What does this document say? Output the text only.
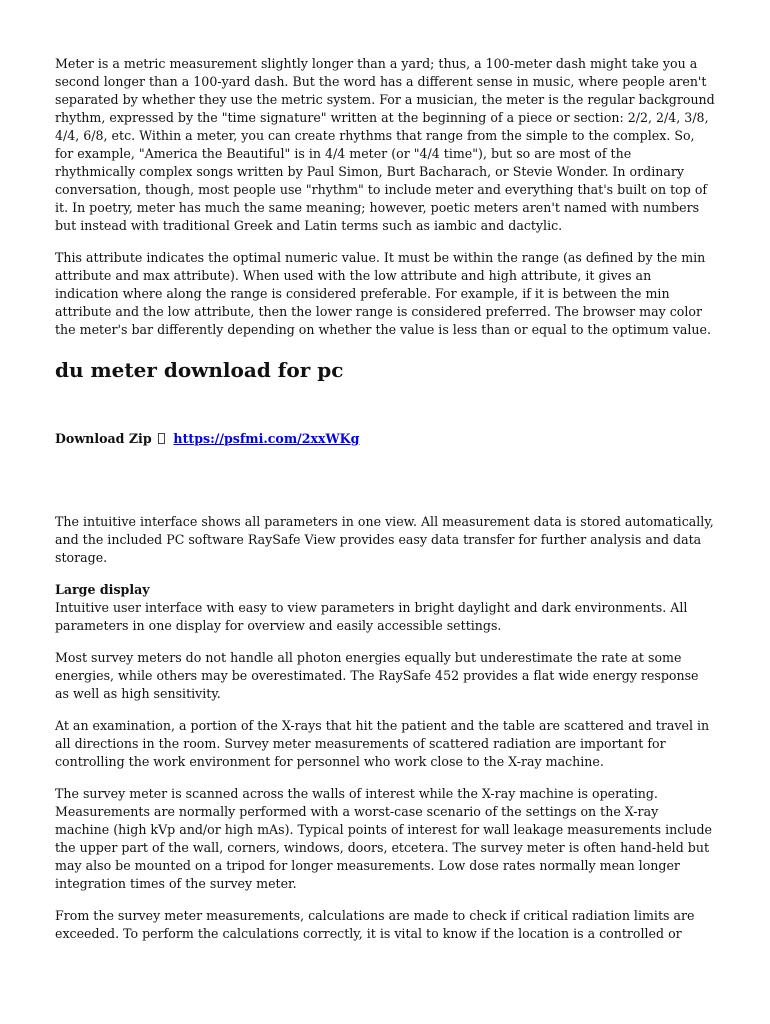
Meter is a metric measurement slightly longer than a yard; thus, a 100-meter dash might take you a second longer than a 100-yard dash. But the word has a different sense in music, where people aren't separated by whether they use the metric system. For a musician, the meter is the regular background rhythm, expressed by the "time signature" written at the beginning of a piece or section: 2/2, 2/4, 3/8, 4/4, 6/8, etc. Within a meter, you can create rhythms that range from the simple to the complex. So, for example, "America the Beautiful" is in 4/4 meter (or "4/4 time"), but so are most of the rhythmically complex songs written by Paul Simon, Burt Bacharach, or Stevie Wonder. In ordinary conversation, though, most people use "rhythm" to include meter and everything that's built on top of it. In poetry, meter has much the same meaning; however, poetic meters aren't named with numbers but instead with traditional Greek and Latin terms such as iambic and dactylic.

This attribute indicates the optimal numeric value. It must be within the range (as defined by the min attribute and max attribute). When used with the low attribute and high attribute, it gives an indication where along the range is considered preferable. For example, if it is between the min attribute and the low attribute, then the lower range is considered preferred. The browser may color the meter's bar differently depending on whether the value is less than or equal to the optimum value.

du meter download for pc
Download Zip https://psfmi.com/2xxWKg

The intuitive interface shows all parameters in one view. All measurement data is stored automatically, and the included PC software RaySafe View provides easy data transfer for further analysis and data storage.

Large display
Intuitive user interface with easy to view parameters in bright daylight and dark environments. All parameters in one display for overview and easily accessible settings.

Most survey meters do not handle all photon energies equally but underestimate the rate at some energies, while others may be overestimated. The RaySafe 452 provides a flat wide energy response as well as high sensitivity.

At an examination, a portion of the X-rays that hit the patient and the table are scattered and travel in all directions in the room. Survey meter measurements of scattered radiation are important for controlling the work environment for personnel who work close to the X-ray machine.

The survey meter is scanned across the walls of interest while the X-ray machine is operating. Measurements are normally performed with a worst-case scenario of the settings on the X-ray machine (high kVp and/or high mAs). Typical points of interest for wall leakage measurements include the upper part of the wall, corners, windows, doors, etcetera. The survey meter is often hand-held but may also be mounted on a tripod for longer measurements. Low dose rates normally mean longer integration times of the survey meter.

From the survey meter measurements, calculations are made to check if critical radiation limits are exceeded. To perform the calculations correctly, it is vital to know if the location is a controlled or
